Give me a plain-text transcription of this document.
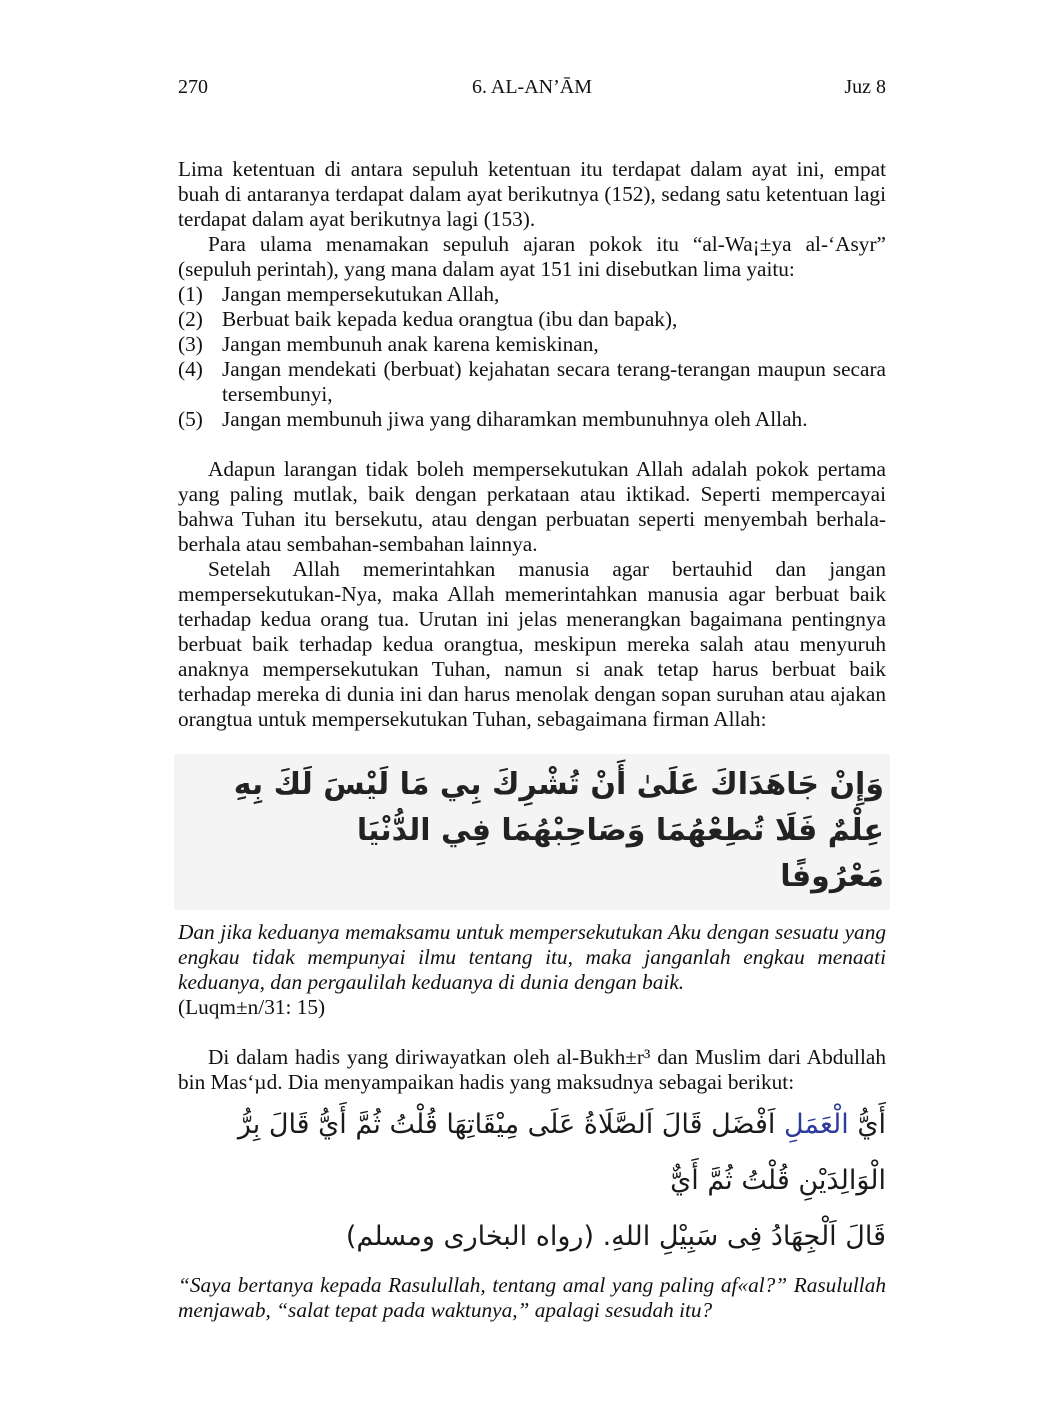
270	6. AL-AN’ĀM	Juz 8

Lima ketentuan di antara sepuluh ketentuan itu terdapat dalam ayat ini, empat buah di antaranya terdapat dalam ayat berikutnya (152), sedang satu ketentuan lagi terdapat dalam ayat berikutnya lagi (153).

Para ulama menamakan sepuluh ajaran pokok itu “al-Wa¡±ya al-‘Asyr” (sepuluh perintah), yang mana dalam ayat 151 ini disebutkan lima yaitu:

(1) Jangan mempersekutukan Allah,
(2) Berbuat baik kepada kedua orangtua (ibu dan bapak),
(3) Jangan membunuh anak karena kemiskinan,
(4) Jangan mendekati (berbuat) kejahatan secara terang-terangan maupun secara tersembunyi,
(5) Jangan membunuh jiwa yang diharamkan membunuhnya oleh Allah.

Adapun larangan tidak boleh mempersekutukan Allah adalah pokok pertama yang paling mutlak, baik dengan perkataan atau iktikad. Seperti mempercayai bahwa Tuhan itu bersekutu, atau dengan perbuatan seperti menyembah berhala-berhala atau sembahan-sembahan lainnya.

Setelah Allah memerintahkan manusia agar bertauhid dan jangan mempersekutukan-Nya, maka Allah memerintahkan manusia agar berbuat baik terhadap kedua orang tua. Urutan ini jelas menerangkan bagaimana pentingnya berbuat baik terhadap kedua orangtua, meskipun mereka salah atau menyuruh anaknya mempersekutukan Tuhan, namun si anak tetap harus berbuat baik terhadap mereka di dunia ini dan harus menolak dengan sopan suruhan atau ajakan orangtua untuk mempersekutukan Tuhan, sebagaimana firman Allah:

وَإِنْ جَاهَدَاكَ عَلَىٰ أَنْ تُشْرِكَ بِي مَا لَيْسَ لَكَ بِهِ عِلْمٌ فَلَا تُطِعْهُمَا وَصَاحِبْهُمَا فِي الدُّنْيَا
مَعْرُوفًا

Dan jika keduanya memaksamu untuk mempersekutukan Aku dengan sesuatu yang engkau tidak mempunyai ilmu tentang itu, maka janganlah engkau menaati keduanya, dan pergaulilah keduanya di dunia dengan baik.
(Luqm±n/31: 15)

Di dalam hadis yang diriwayatkan oleh al-Bukh±r³ dan Muslim dari Abdullah bin Mas‘µd. Dia menyampaikan hadis yang maksudnya sebagai berikut:

أَيُّ الْعَمَلِ اَفْضَل قَالَ اَلصَّلَاةُ عَلَى مِيْقَاتِهَا قُلْتُ ثُمَّ أَيُّ قَالَ بِرُّ الْوَالِدَيْنِ قُلْتُ ثُمَّ أَيٌّ
قَالَ اَلْجِهَادُ فِى سَبِيْلِ اللهِ. (رواه البخارى ومسلم)

“Saya bertanya kepada Rasulullah, tentang amal yang paling af«al?” Rasulullah menjawab, “salat tepat pada waktunya,” apalagi sesudah itu?
